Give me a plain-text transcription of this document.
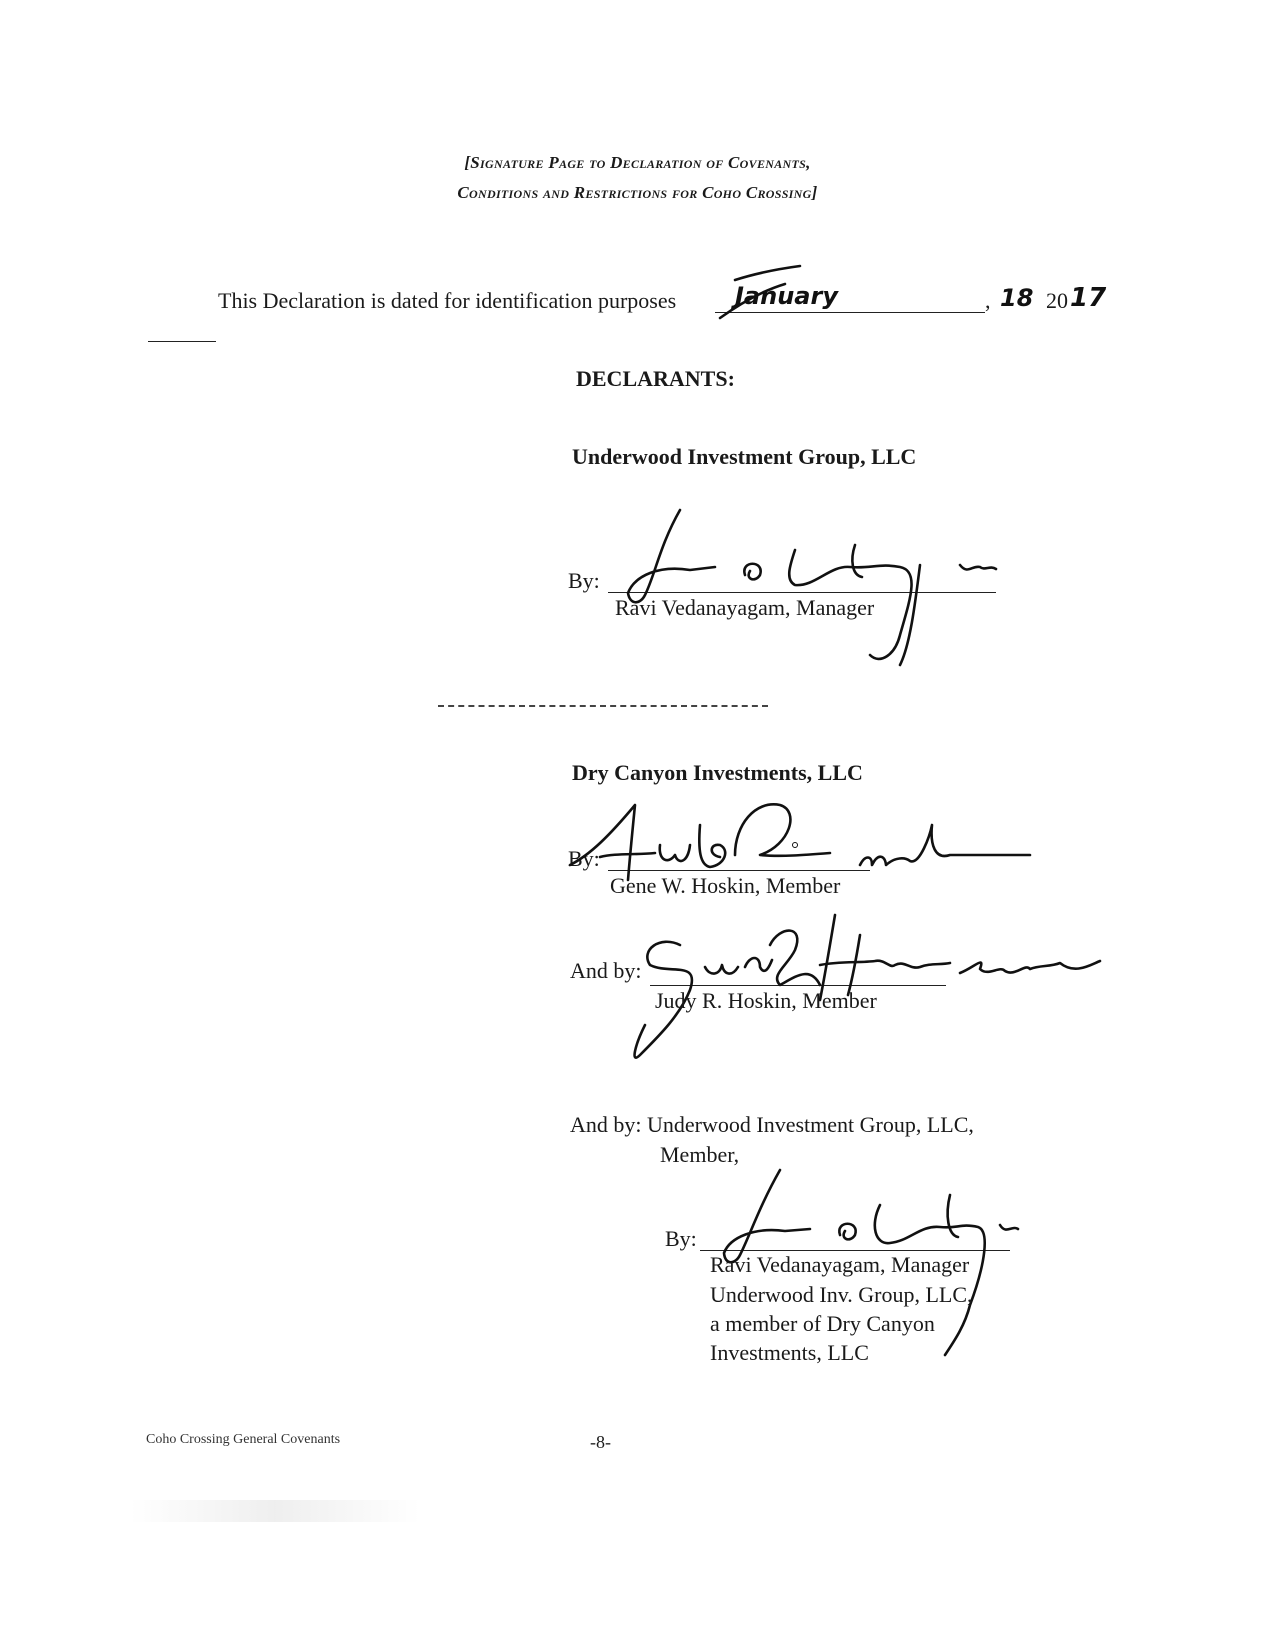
[Signature Page to Declaration of Covenants,
Conditions and Restrictions for Coho Crossing]
This Declaration is dated for identification purposes January	, 18 20 17
DECLARANTS:
Underwood Investment Group, LLC
By:
Ravi Vedanayagam, Manager
Dry Canyon Investments, LLC
By:
Gene W. Hoskin, Member
And by:
Judy R. Hoskin, Member
And by: Underwood Investment Group, LLC,
Member,
By:
Ravi Vedanayagam, Manager
Underwood Inv. Group, LLC,
a member of Dry Canyon
Investments, LLC
Coho Crossing General Covenants	-8-
